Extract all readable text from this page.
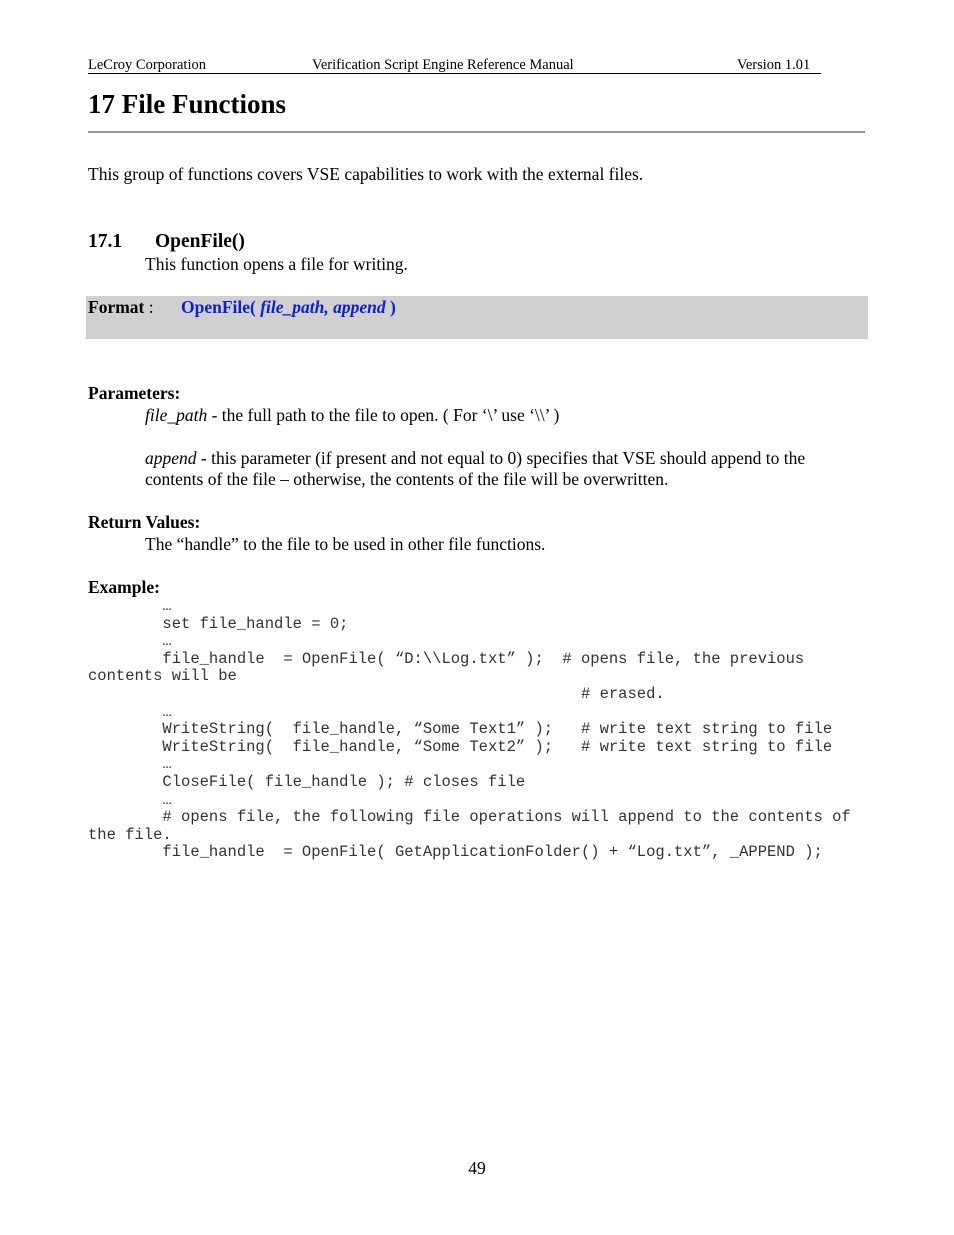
LeCroy Corporation	Verification Script Engine Reference Manual	Version 1.01
17 File Functions
This group of functions covers VSE capabilities to work with the external files.
17.1 OpenFile()
This function opens a file for writing.
Format : OpenFile( file_path, append )
Parameters:
file_path - the full path to the file to open. ( For ‘\’ use ‘\\’ )
append - this parameter (if present and not equal to 0) specifies that VSE should append to the
contents of the file – otherwise, the contents of the file will be overwritten.
Return Values:
The “handle” to the file to be used in other file functions.
Example:
…
set file_handle = 0;
…
file_handle  = OpenFile( “D:\\Log.txt” );  # opens file, the previous
contents will be
# erased.
…
WriteString(  file_handle, “Some Text1” );   # write text string to file
WriteString(  file_handle, “Some Text2” );   # write text string to file
…
CloseFile( file_handle ); # closes file
…
# opens file, the following file operations will append to the contents of
the file.
file_handle  = OpenFile( GetApplicationFolder() + “Log.txt”, _APPEND );
49
